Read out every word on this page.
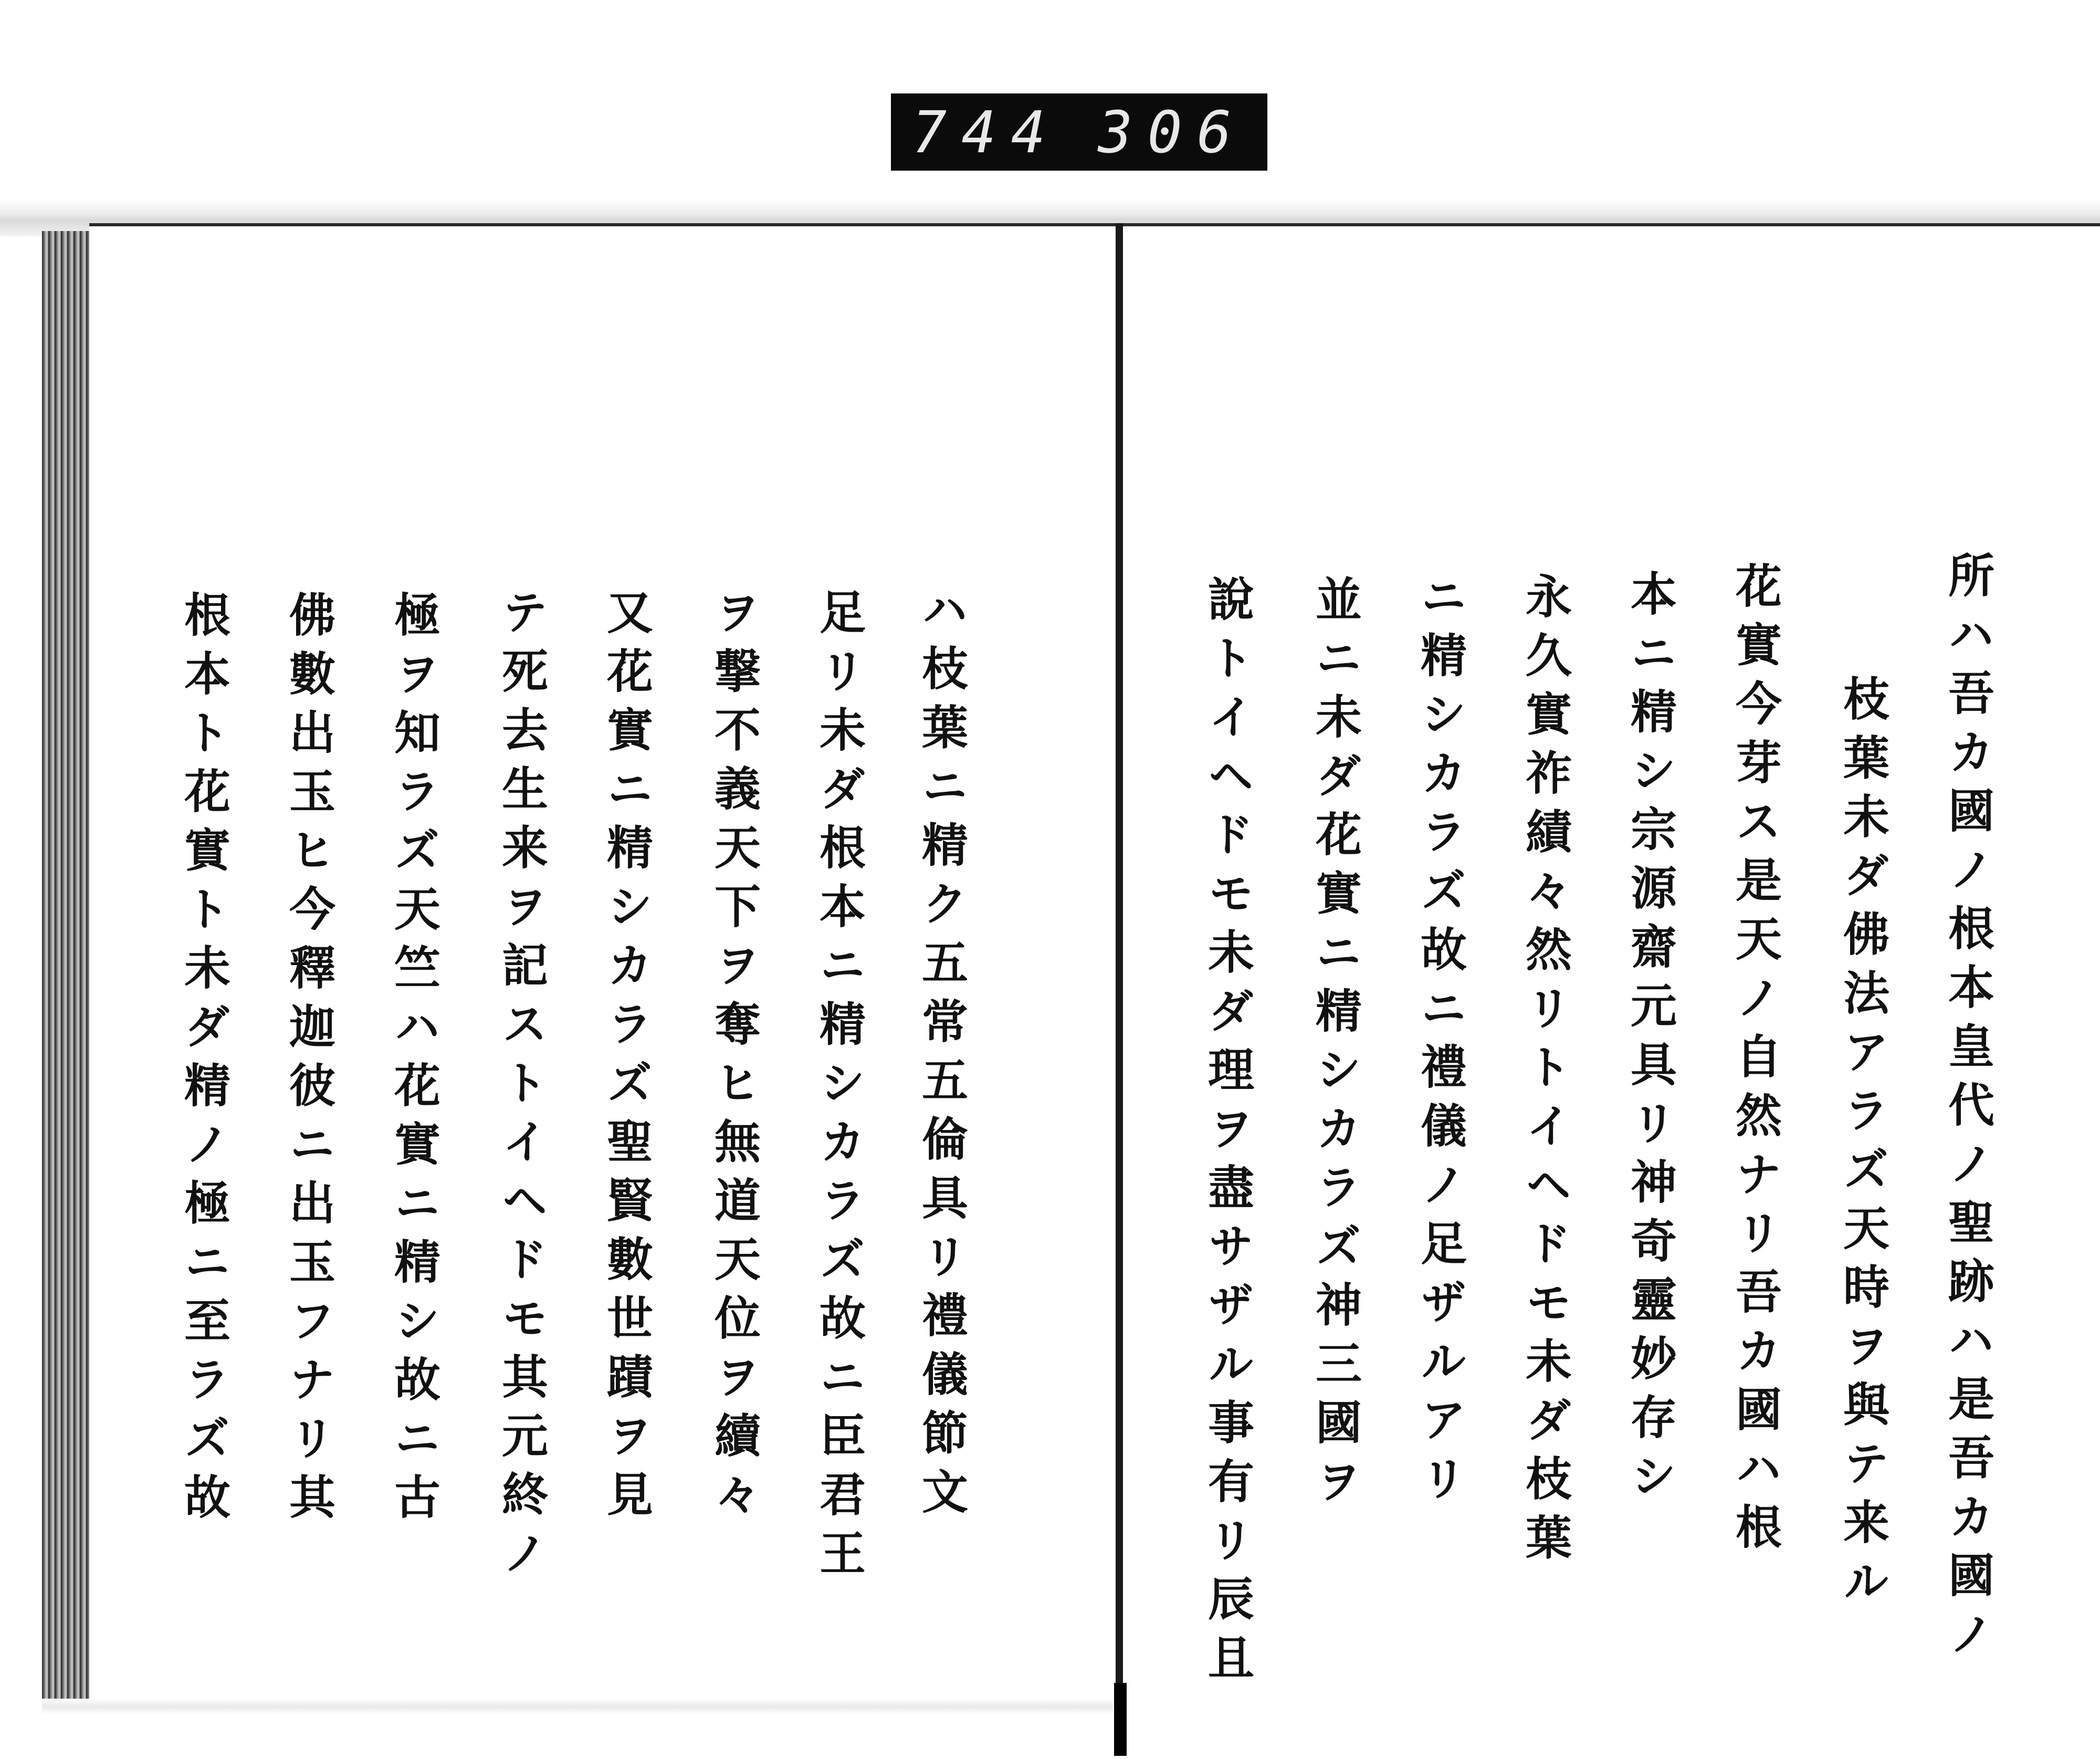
744 306
所ハ吾カ國ノ根本皇代ノ聖跡ハ是吾カ國ノ
枝葉未ダ佛法アラズ天時ヲ與テ来ル
花實今芽ス是天ノ自然ナリ吾カ國ハ根
本ニ精シ宗源齋元具リ神奇靈妙存シ
永久實祚績々然リトイヘドモ未ダ枝葉
ニ精シカラズ故ニ禮儀ノ足ザルアリ
並ニ未ダ花實ニ精シカラズ神三國ヲ
說トイヘドモ未ダ理ヲ盡サザル事有リ辰且
ハ枝葉ニ精ク五常五倫具リ禮儀節文
足リ未ダ根本ニ精シカラズ故ニ臣君王
ヲ撃不義天下ヲ奪ヒ無道天位ヲ續々
又花實ニ精シカラズ聖賢數世蹟ヲ見
テ死去生来ヲ記ストイヘドモ其元終ノ
極ヲ知ラズ天竺ハ花實ニ精シ故ニ古
佛數出玉ヒ今釋迦彼ニ出玉フナリ其
根本ト花實ト未ダ精ノ極ニ至ラズ故
